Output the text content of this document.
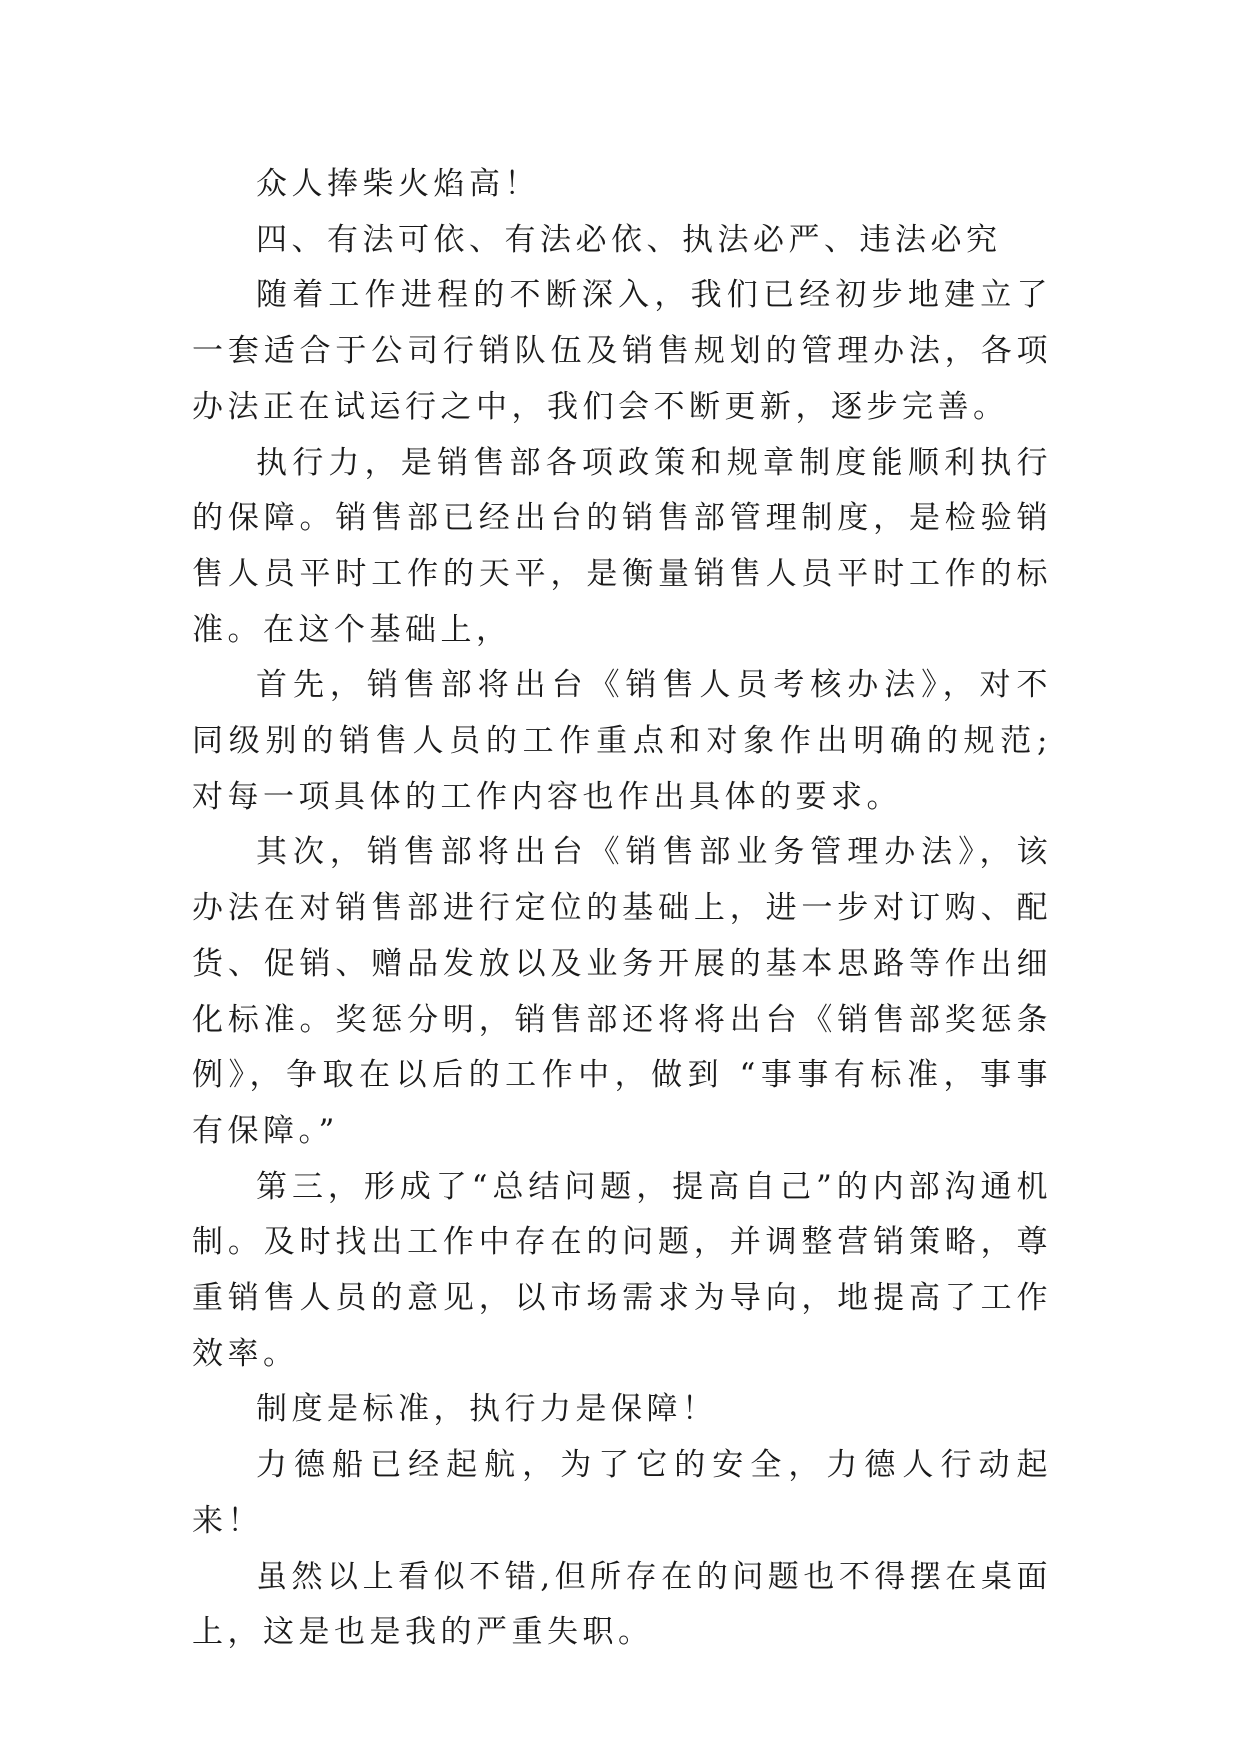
众人捧柴火焰高！

四、有法可依、有法必依、执法必严、违法必究

随着工作进程的不断深入，我们已经初步地建立了一套适合于公司行销队伍及销售规划的管理办法，各项办法正在试运行之中，我们会不断更新，逐步完善。

执行力，是销售部各项政策和规章制度能顺利执行的保障。销售部已经出台的销售部管理制度，是检验销售人员平时工作的天平，是衡量销售人员平时工作的标准。在这个基础上，

首先，销售部将出台《销售人员考核办法》，对不同级别的销售人员的工作重点和对象作出明确的规范;对每一项具体的工作内容也作出具体的要求。

其次，销售部将出台《销售部业务管理办法》，该办法在对销售部进行定位的基础上，进一步对订购、配货、促销、赠品发放以及业务开展的基本思路等作出细化标准。奖惩分明，销售部还将将出台《销售部奖惩条例》，争取在以后的工作中，做到 “事事有标准，事事有保障。”

第三，形成了“总结问题，提高自己”的内部沟通机制。及时找出工作中存在的问题，并调整营销策略，尊重销售人员的意见，以市场需求为导向，地提高了工作效率。

制度是标准，执行力是保障！

力德船已经起航，为了它的安全，力德人行动起来！

虽然以上看似不错,但所存在的问题也不得摆在桌面上，这是也是我的严重失职。
